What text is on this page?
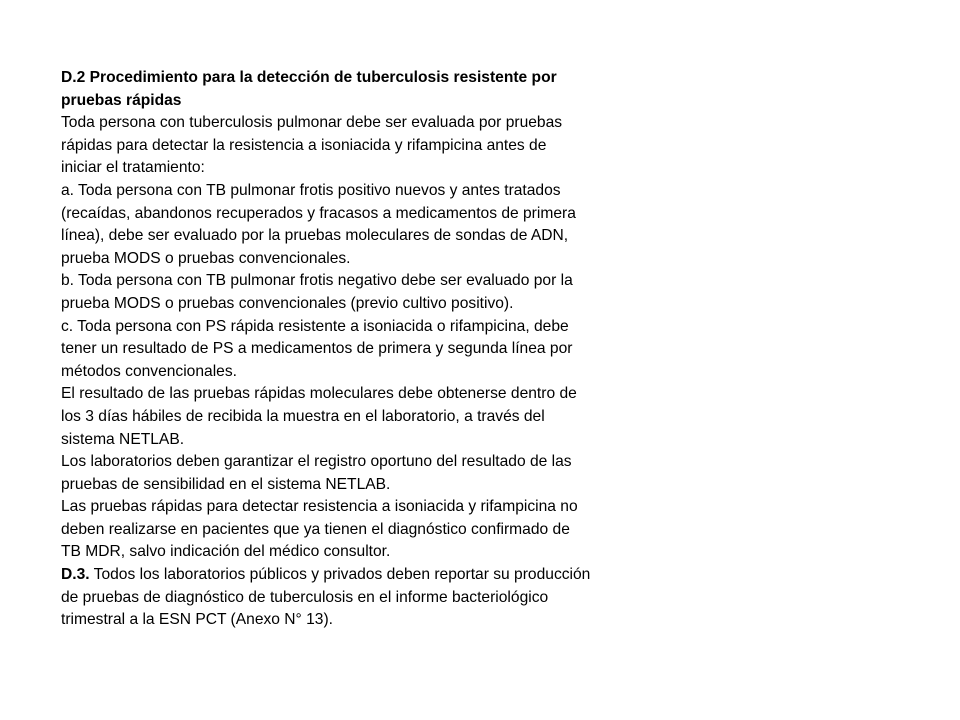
D.2 Procedimiento para la detección de tuberculosis resistente por
pruebas rápidas
Toda persona con tuberculosis pulmonar debe ser evaluada por pruebas
rápidas para detectar la resistencia a isoniacida y rifampicina antes de
iniciar el tratamiento:
a. Toda persona con TB pulmonar frotis positivo nuevos y antes tratados
(recaídas, abandonos recuperados y fracasos a medicamentos de primera
línea), debe ser evaluado por la pruebas moleculares de sondas de ADN,
prueba MODS o pruebas convencionales.
b. Toda persona con TB pulmonar frotis negativo debe ser evaluado por la
prueba MODS o pruebas convencionales (previo cultivo positivo).
c. Toda persona con PS rápida resistente a isoniacida o rifampicina, debe
tener un resultado de PS a medicamentos de primera y segunda línea por
métodos convencionales.
El resultado de las pruebas rápidas moleculares debe obtenerse dentro de
los 3 días hábiles de recibida la muestra en el laboratorio, a través del
sistema NETLAB.
Los laboratorios deben garantizar el registro oportuno del resultado de las
pruebas de sensibilidad en el sistema NETLAB.
Las pruebas rápidas para detectar resistencia a isoniacida y rifampicina no
deben realizarse en pacientes que ya tienen el diagnóstico confirmado de
TB MDR, salvo indicación del médico consultor.
D.3. Todos los laboratorios públicos y privados deben reportar su producción
de pruebas de diagnóstico de tuberculosis en el informe bacteriológico
trimestral a la ESN PCT (Anexo N° 13).
